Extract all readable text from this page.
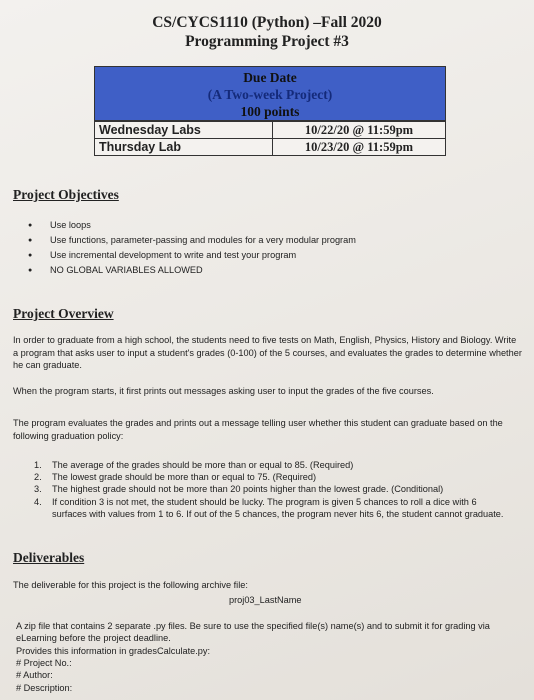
CS/CYCS1110 (Python) –Fall 2020
Programming Project #3
Due Date
(A Two-week Project)
100 points
Wednesday Labs	10/22/20 @ 11:59pm
Thursday Lab	10/23/20 @ 11:59pm
Project Objectives
● Use loops
● Use functions, parameter-passing and modules for a very modular program
● Use incremental development to write and test your program
● NO GLOBAL VARIABLES ALLOWED
Project Overview
In order to graduate from a high school, the students need to five tests on Math, English, Physics, History and Biology. Write a program that asks user to input a student's grades (0-100) of the 5 courses, and evaluates the grades to determine whether he can graduate.
When the program starts, it first prints out messages asking user to input the grades of the five courses.
The program evaluates the grades and prints out a message telling user whether this student can graduate based on the following graduation policy:
1. The average of the grades should be more than or equal to 85. (Required)
2. The lowest grade should be more than or equal to 75. (Required)
3. The highest grade should not be more than 20 points higher than the lowest grade. (Conditional)
4. If condition 3 is not met, the student should be lucky. The program is given 5 chances to roll a dice with 6 surfaces with values from 1 to 6. If out of the 5 chances, the program never hits 6, the student cannot graduate.
Deliverables
The deliverable for this project is the following archive file:
proj03_LastName
A zip file that contains 2 separate .py files. Be sure to use the specified file(s) name(s) and to submit it for grading via eLearning before the project deadline.
Provides this information in gradesCalculate.py:
# Project No.:
# Author:
# Description:
